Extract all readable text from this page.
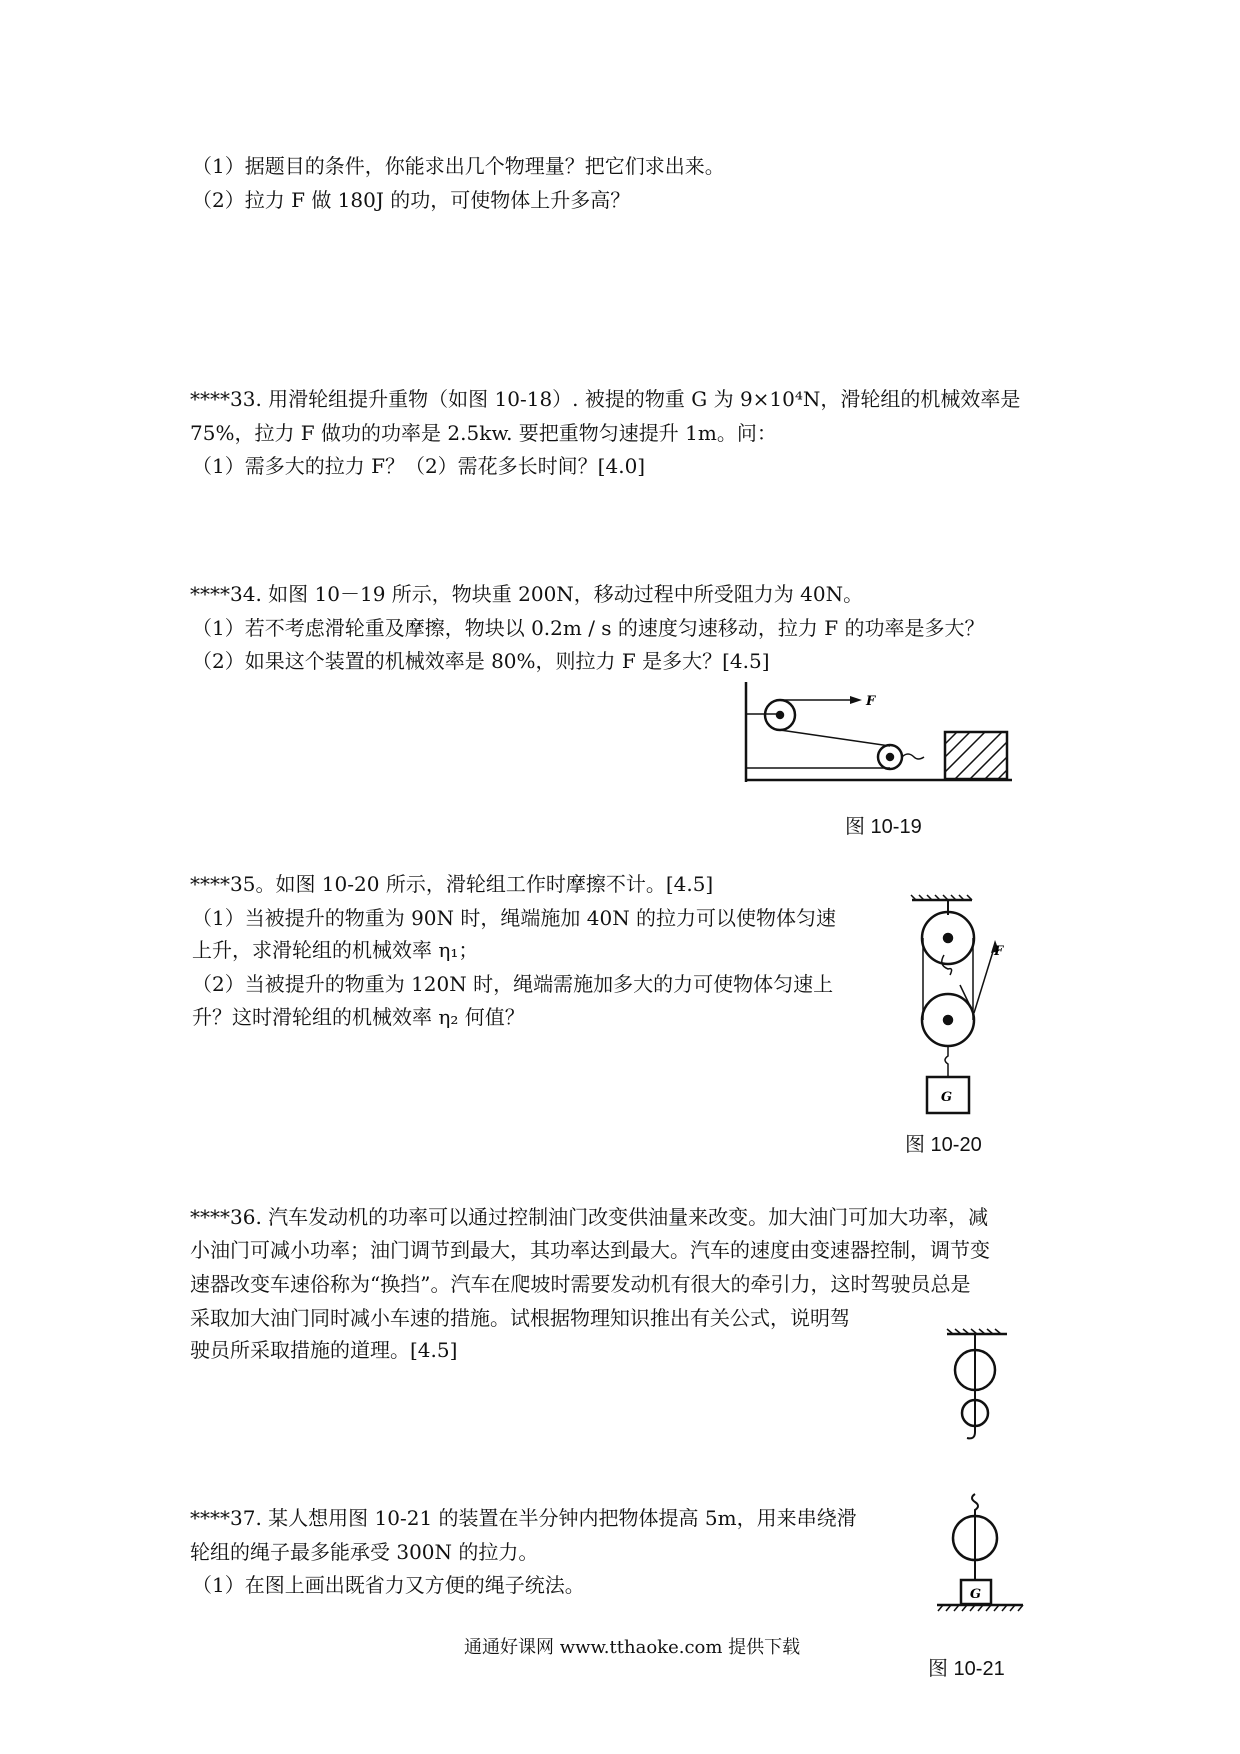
（1）据题目的条件，你能求出几个物理量？把它们求出来。
（2）拉力 F 做 180J 的功，可使物体上升多高？
****33. 用滑轮组提升重物（如图 10-18）. 被提的物重 G 为 9×10⁴N，滑轮组的机械效率是
75%，拉力 F 做功的功率是 2.5kw. 要把重物匀速提升 1m。问：
（1）需多大的拉力 F？（2）需花多长时间？[4.0]
****34. 如图 10－19 所示，物块重 200N，移动过程中所受阻力为 40N。
（1）若不考虑滑轮重及摩擦，物块以 0.2m / s 的速度匀速移动，拉力 F 的功率是多大？
（2）如果这个装置的机械效率是 80%，则拉力 F 是多大？[4.5]
F
图 10-19
****35。如图 10-20 所示，滑轮组工作时摩擦不计。[4.5]
（1）当被提升的物重为 90N 时，绳端施加 40N 的拉力可以使物体匀速
上升，求滑轮组的机械效率 η₁；
（2）当被提升的物重为 120N 时，绳端需施加多大的力可使物体匀速上
升？这时滑轮组的机械效率 η₂ 何值？
F
G
图 10-20
****36. 汽车发动机的功率可以通过控制油门改变供油量来改变。加大油门可加大功率，减
小油门可减小功率；油门调节到最大，其功率达到最大。汽车的速度由变速器控制，调节变
速器改变车速俗称为“换挡”。汽车在爬坡时需要发动机有很大的牵引力，这时驾驶员总是
采取加大油门同时减小车速的措施。试根据物理知识推出有关公式，说明驾
驶员所采取措施的道理。[4.5]
****37. 某人想用图 10-21 的装置在半分钟内把物体提高 5m，用来串绕滑
轮组的绳子最多能承受 300N 的拉力。
（1）在图上画出既省力又方便的绳子统法。	G
图 10-21
通通好课网 www.tthaoke.com 提供下载
